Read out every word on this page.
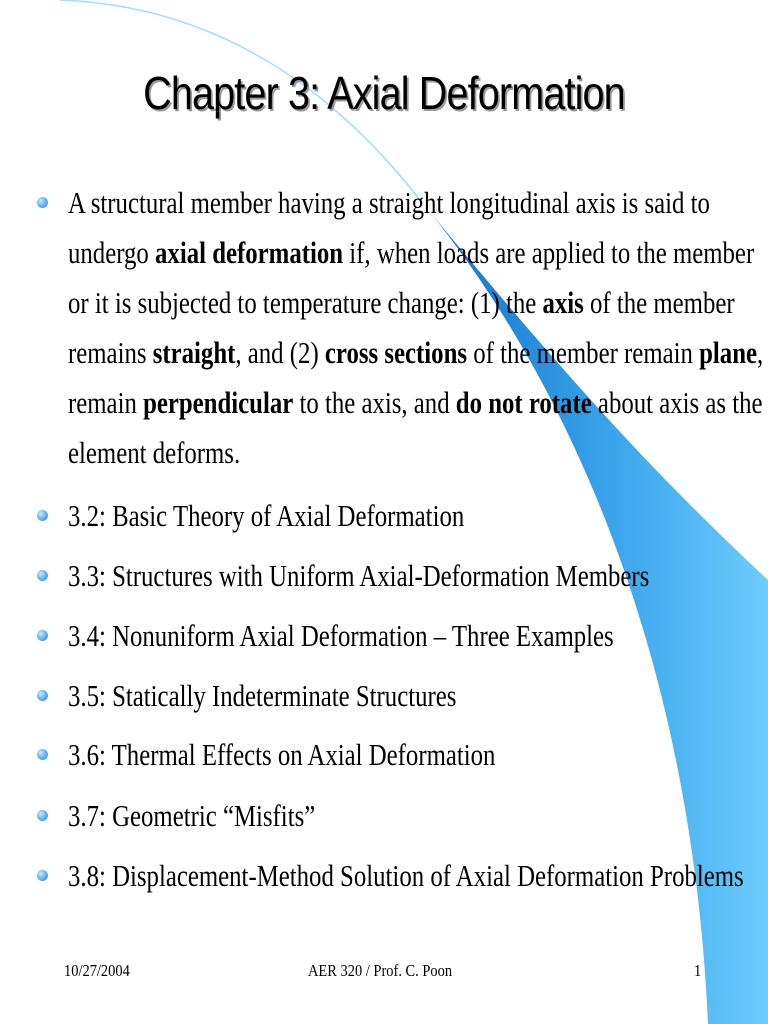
Chapter 3: Axial Deformation
A structural member having a straight longitudinal axis is said to
undergo axial deformation if, when loads are applied to the member
or it is subjected to temperature change: (1) the axis of the member
remains straight, and (2) cross sections of the member remain plane,
remain perpendicular to the axis, and do not rotate about axis as the
element deforms.
3.2: Basic Theory of Axial Deformation
3.3: Structures with Uniform Axial-Deformation Members
3.4: Nonuniform Axial Deformation – Three Examples
3.5: Statically Indeterminate Structures
3.6: Thermal Effects on Axial Deformation
3.7: Geometric “Misfits”
3.8: Displacement-Method Solution of Axial Deformation Problems
10/27/2004	AER 320 / Prof. C. Poon	1
